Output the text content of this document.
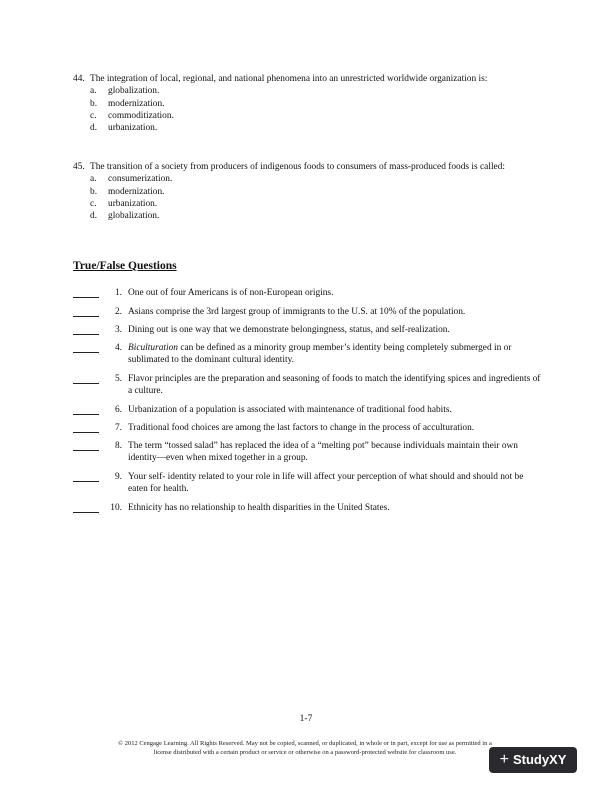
44. The integration of local, regional, and national phenomena into an unrestricted worldwide organization is:
a.	globalization.
b.	modernization.
c.	commoditization.
d.	urbanization.
45. The transition of a society from producers of indigenous foods to consumers of mass-produced foods is called:
a.	consumerization.
b.	modernization.
c.	urbanization.
d.	globalization.
True/False Questions
1. One out of four Americans is of non-European origins.
2. Asians comprise the 3rd largest group of immigrants to the U.S. at 10% of the population.
3. Dining out is one way that we demonstrate belongingness, status, and self-realization.
4. Biculturation can be defined as a minority group member’s identity being completely submerged in or sublimated to the dominant cultural identity.
5. Flavor principles are the preparation and seasoning of foods to match the identifying spices and ingredients of a culture.
6. Urbanization of a population is associated with maintenance of traditional food habits.
7. Traditional food choices are among the last factors to change in the process of acculturation.
8. The term “tossed salad” has replaced the idea of a “melting pot” because individuals maintain their own identity—even when mixed together in a group.
9. Your self- identity related to your role in life will affect your perception of what should and should not be eaten for health.
10. Ethnicity has no relationship to health disparities in the United States.
1-7
© 2012 Cengage Learning. All Rights Reserved. May not be copied, scanned, or duplicated, in whole or in part, except for use as permitted in a
license distributed with a certain product or service or otherwise on a password-protected website for classroom use.	+ StudyXY
